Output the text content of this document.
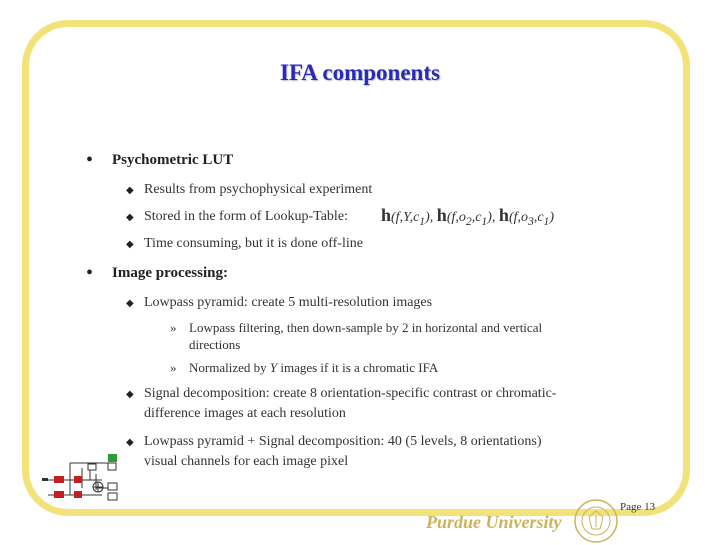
IFA components
• Psychometric LUT
◆ Results from psychophysical experiment
◆ Stored in the form of Lookup-Table: $h(f,Y,c_1)$, $h(f,o_2,c_1)$, $h(f,o_3,c_1)$
◆ Time consuming, but it is done off-line
• Image processing:
◆ Lowpass pyramid: create 5 multi-resolution images
» Lowpass filtering, then down-sample by 2 in horizontal and vertical
directions
» Normalized by Y images if it is a chromatic IFA
◆ Signal decomposition: create 8 orientation-specific contrast or chromatic-
difference images at each resolution
◆ Lowpass pyramid + Signal decomposition: 40 (5 levels, 8 orientations)
visual channels for each image pixel
Page 13
Purdue University
